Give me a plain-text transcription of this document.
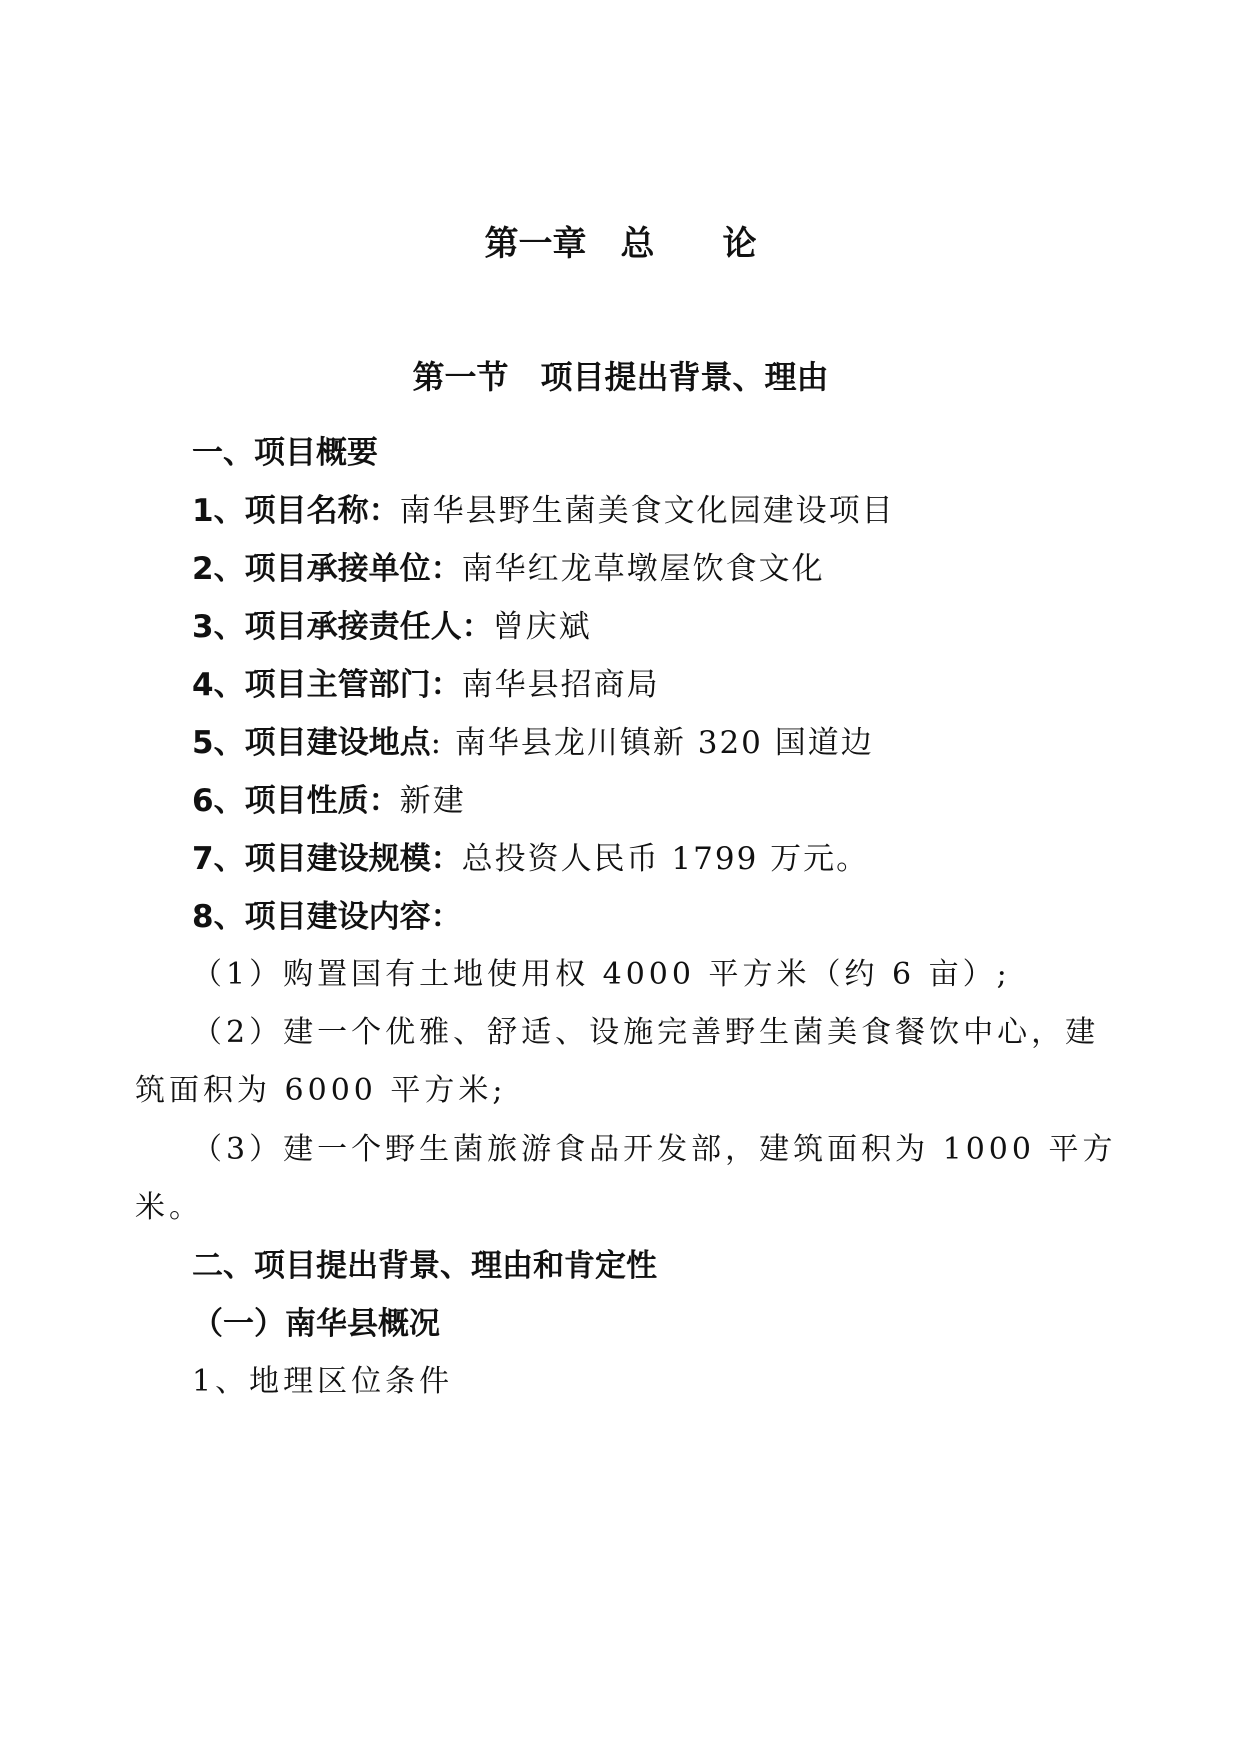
第一章　总　　论
第一节　项目提出背景、理由
一、项目概要
1、项目名称：南华县野生菌美食文化园建设项目
2、项目承接单位：南华红龙草墩屋饮食文化
3、项目承接责任人：曾庆斌
4、项目主管部门：南华县招商局
5、项目建设地点: 南华县龙川镇新 320 国道边
6、项目性质：新建
7、项目建设规模：总投资人民币 1799 万元。
8、项目建设内容：
（1）购置国有土地使用权 4000 平方米（约 6 亩）;
（2）建一个优雅、舒适、设施完善野生菌美食餐饮中心，建
筑面积为 6000 平方米;
（3）建一个野生菌旅游食品开发部，建筑面积为 1000 平方
米。
二、项目提出背景、理由和肯定性
（一）南华县概况
1、地理区位条件
